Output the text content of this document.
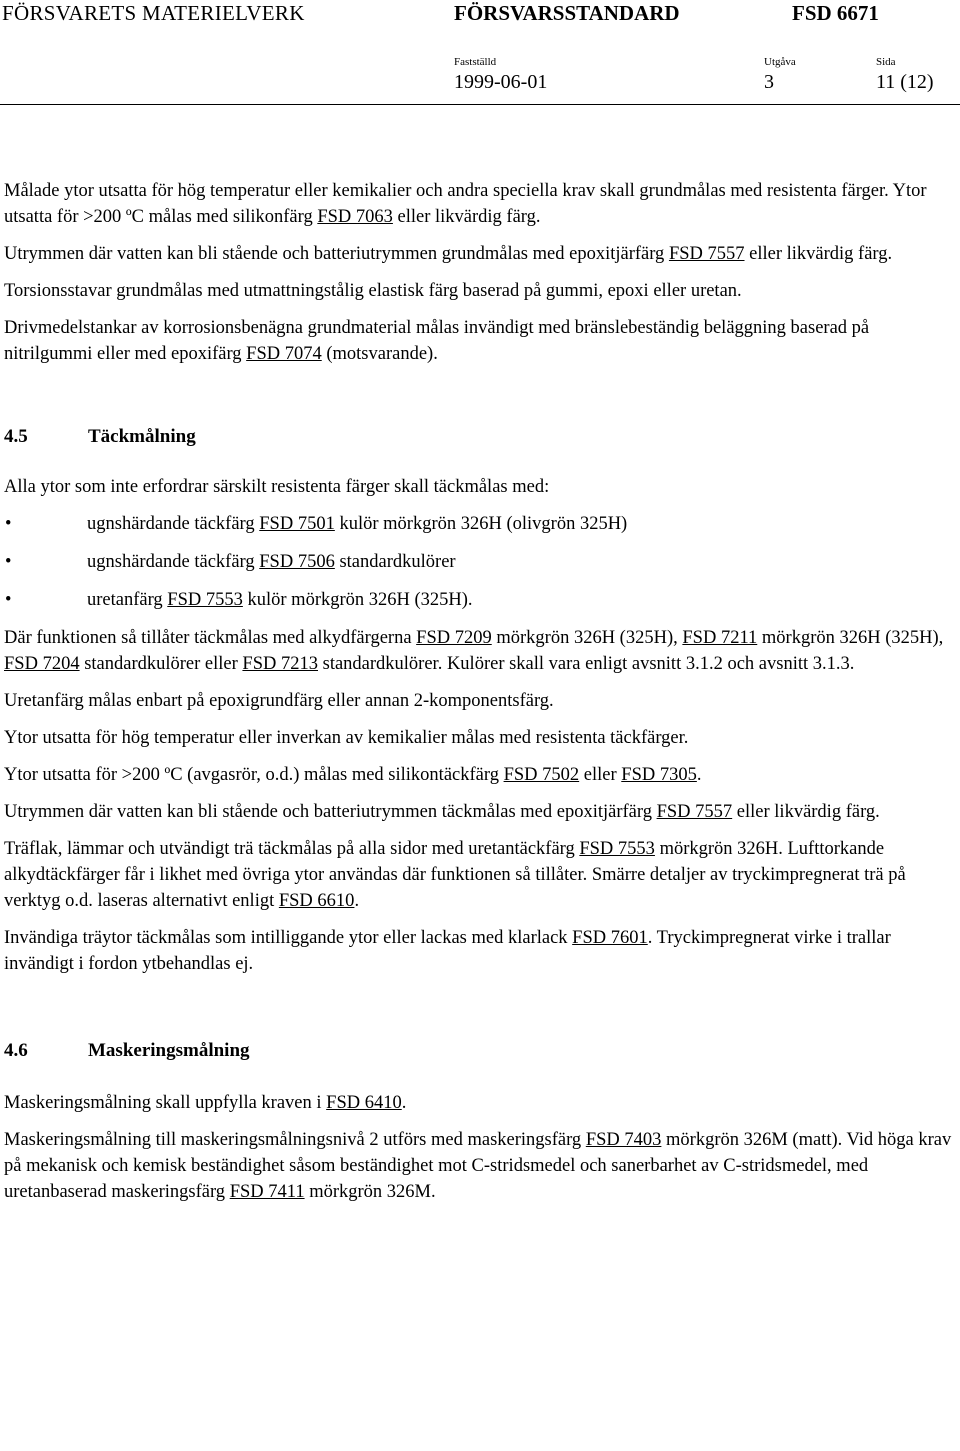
FÖRSVARETS MATERIELVERK	FÖRSVARSSTANDARD	FSD 6671
Fastställd	Utgåva	Sida
1999-06-01	3	11 (12)

Målade ytor utsatta för hög temperatur eller kemikalier och andra speciella krav skall grundmålas med resistenta färger. Ytor utsatta för >200 ºC målas med silikonfärg FSD 7063 eller likvärdig färg.

Utrymmen där vatten kan bli stående och batteriutrymmen grundmålas med epoxitjärfärg FSD 7557 eller likvärdig färg.

Torsionsstavar grundmålas med utmattningstålig elastisk färg baserad på gummi, epoxi eller uretan.

Drivmedelstankar av korrosionsbenägna grundmaterial målas invändigt med bränslebeständig beläggning baserad på nitrilgummi eller med epoxifärg FSD 7074 (motsvarande).

4.5	Täckmålning

Alla ytor som inte erfordrar särskilt resistenta färger skall täckmålas med:

•	ugnshärdande täckfärg FSD 7501 kulör mörkgrön 326H (olivgrön 325H)
•	ugnshärdande täckfärg FSD 7506 standardkulörer
•	uretanfärg FSD 7553 kulör mörkgrön 326H (325H).

Där funktionen så tillåter täckmålas med alkydfärgerna FSD 7209 mörkgrön 326H (325H), FSD 7211 mörkgrön 326H (325H), FSD 7204 standardkulörer eller FSD 7213 standardkulörer. Kulörer skall vara enligt avsnitt 3.1.2 och avsnitt 3.1.3.

Uretanfärg målas enbart på epoxigrundfärg eller annan 2-komponentsfärg.

Ytor utsatta för hög temperatur eller inverkan av kemikalier målas med resistenta täckfärger.

Ytor utsatta för >200 ºC (avgasrör, o.d.) målas med silikontäckfärg FSD 7502 eller FSD 7305.

Utrymmen där vatten kan bli stående och batteriutrymmen täckmålas med epoxitjärfärg FSD 7557 eller likvärdig färg.

Träflak, lämmar och utvändigt trä täckmålas på alla sidor med uretantäckfärg FSD 7553 mörkgrön 326H. Lufttorkande alkydtäckfärger får i likhet med övriga ytor användas där funktionen så tillåter. Smärre detaljer av tryckimpregnerat trä på verktyg o.d. laseras alternativt enligt FSD 6610.

Invändiga träytor täckmålas som intilliggande ytor eller lackas med klarlack FSD 7601. Tryckimpregnerat virke i trallar invändigt i fordon ytbehandlas ej.

4.6	Maskeringsmålning

Maskeringsmålning skall uppfylla kraven i FSD 6410.

Maskeringsmålning till maskeringsmålningsnivå 2 utförs med maskeringsfärg FSD 7403 mörkgrön 326M (matt). Vid höga krav på mekanisk och kemisk beständighet såsom beständighet mot C-stridsmedel och sanerbarhet av C-stridsmedel, med uretanbaserad maskeringsfärg FSD 7411 mörkgrön 326M.
